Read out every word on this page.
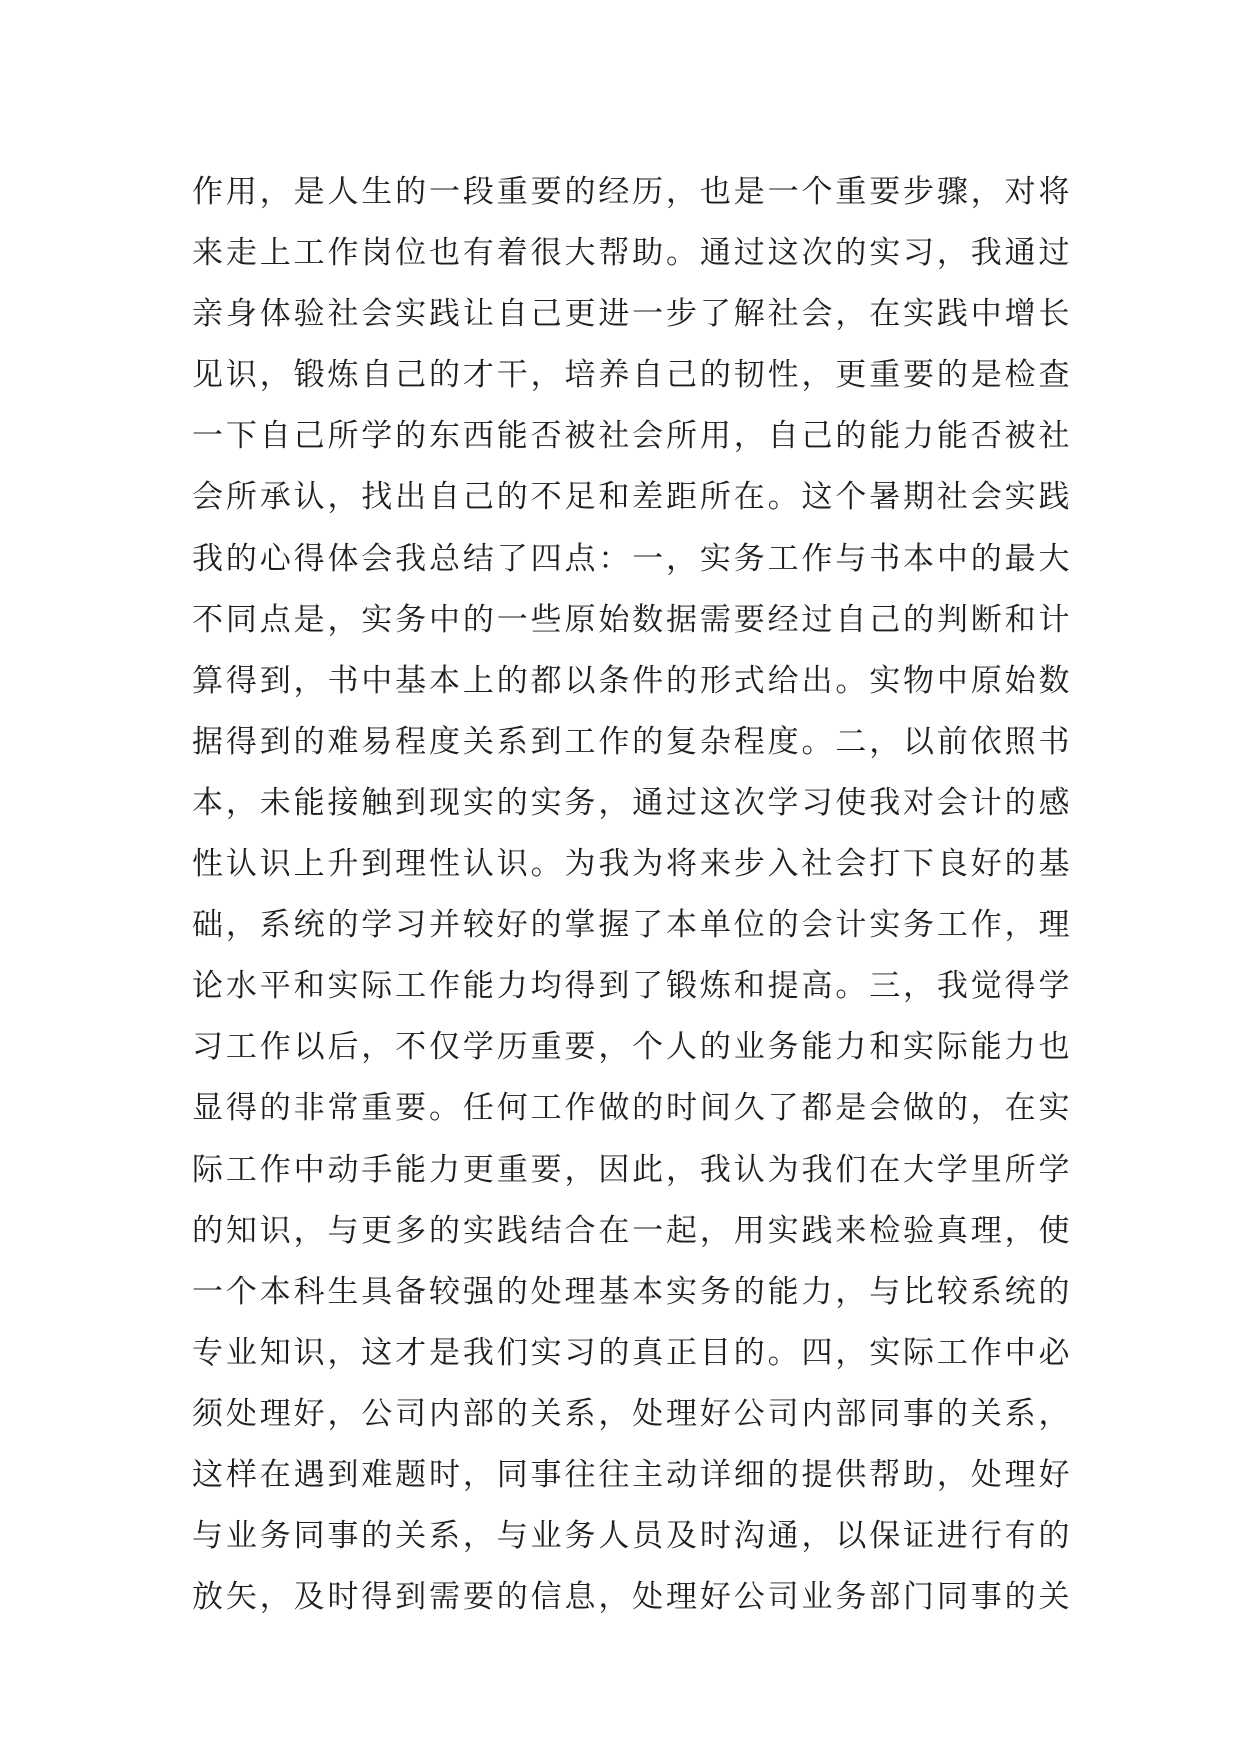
作用，是人生的一段重要的经历，也是一个重要步骤，对将
来走上工作岗位也有着很大帮助。通过这次的实习，我通过
亲身体验社会实践让自己更进一步了解社会，在实践中增长
见识，锻炼自己的才干，培养自己的韧性，更重要的是检查
一下自己所学的东西能否被社会所用，自己的能力能否被社
会所承认，找出自己的不足和差距所在。这个暑期社会实践
我的心得体会我总结了四点：一，实务工作与书本中的最大
不同点是，实务中的一些原始数据需要经过自己的判断和计
算得到，书中基本上的都以条件的形式给出。实物中原始数
据得到的难易程度关系到工作的复杂程度。二，以前依照书
本，未能接触到现实的实务，通过这次学习使我对会计的感
性认识上升到理性认识。为我为将来步入社会打下良好的基
础，系统的学习并较好的掌握了本单位的会计实务工作，理
论水平和实际工作能力均得到了锻炼和提高。三，我觉得学
习工作以后，不仅学历重要，个人的业务能力和实际能力也
显得的非常重要。任何工作做的时间久了都是会做的，在实
际工作中动手能力更重要，因此，我认为我们在大学里所学
的知识，与更多的实践结合在一起，用实践来检验真理，使
一个本科生具备较强的处理基本实务的能力，与比较系统的
专业知识，这才是我们实习的真正目的。四，实际工作中必
须处理好，公司内部的关系，处理好公司内部同事的关系，
这样在遇到难题时，同事往往主动详细的提供帮助，处理好
与业务同事的关系，与业务人员及时沟通，以保证进行有的
放矢，及时得到需要的信息，处理好公司业务部门同事的关
